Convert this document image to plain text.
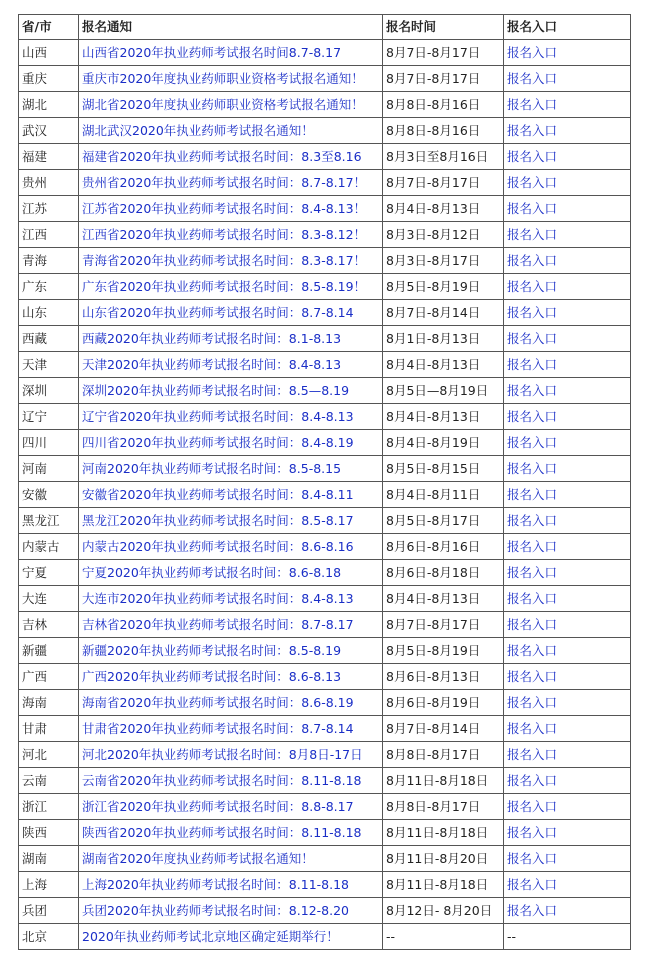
省/市	报名通知	报名时间	报名入口
山西	山西省2020年执业药师考试报名时间8.7-8.17	8月7日-8月17日	报名入口
重庆	重庆市2020年度执业药师职业资格考试报名通知！	8月7日-8月17日	报名入口
湖北	湖北省2020年度执业药师职业资格考试报名通知！	8月8日-8月16日	报名入口
武汉	湖北武汉2020年执业药师考试报名通知！	8月8日-8月16日	报名入口
福建	福建省2020年执业药师考试报名时间：8.3至8.16	8月3日至8月16日	报名入口
贵州	贵州省2020年执业药师考试报名时间：8.7-8.17！	8月7日-8月17日	报名入口
江苏	江苏省2020年执业药师考试报名时间：8.4-8.13！	8月4日-8月13日	报名入口
江西	江西省2020年执业药师考试报名时间：8.3-8.12！	8月3日-8月12日	报名入口
青海	青海省2020年执业药师考试报名时间：8.3-8.17！	8月3日-8月17日	报名入口
广东	广东省2020年执业药师考试报名时间：8.5-8.19！	8月5日-8月19日	报名入口
山东	山东省2020年执业药师考试报名时间：8.7-8.14	8月7日-8月14日	报名入口
西藏	西藏2020年执业药师考试报名时间：8.1-8.13	8月1日-8月13日	报名入口
天津	天津2020年执业药师考试报名时间：8.4-8.13	8月4日-8月13日	报名入口
深圳	深圳2020年执业药师考试报名时间：8.5—8.19	8月5日—8月19日	报名入口
辽宁	辽宁省2020年执业药师考试报名时间：8.4-8.13	8月4日-8月13日	报名入口
四川	四川省2020年执业药师考试报名时间：8.4-8.19	8月4日-8月19日	报名入口
河南	河南2020年执业药师考试报名时间：8.5-8.15	8月5日-8月15日	报名入口
安徽	安徽省2020年执业药师考试报名时间：8.4-8.11	8月4日-8月11日	报名入口
黑龙江	黑龙江2020年执业药师考试报名时间：8.5-8.17	8月5日-8月17日	报名入口
内蒙古	内蒙古2020年执业药师考试报名时间：8.6-8.16	8月6日-8月16日	报名入口
宁夏	宁夏2020年执业药师考试报名时间：8.6-8.18	8月6日-8月18日	报名入口
大连	大连市2020年执业药师考试报名时间：8.4-8.13	8月4日-8月13日	报名入口
吉林	吉林省2020年执业药师考试报名时间：8.7-8.17	8月7日-8月17日	报名入口
新疆	新疆2020年执业药师考试报名时间：8.5-8.19	8月5日-8月19日	报名入口
广西	广西2020年执业药师考试报名时间：8.6-8.13	8月6日-8月13日	报名入口
海南	海南省2020年执业药师考试报名时间：8.6-8.19	8月6日-8月19日	报名入口
甘肃	甘肃省2020年执业药师考试报名时间：8.7-8.14	8月7日-8月14日	报名入口
河北	河北2020年执业药师考试报名时间：8月8日-17日	8月8日-8月17日	报名入口
云南	云南省2020年执业药师考试报名时间：8.11-8.18	8月11日-8月18日	报名入口
浙江	浙江省2020年执业药师考试报名时间：8.8-8.17	8月8日-8月17日	报名入口
陕西	陕西省2020年执业药师考试报名时间：8.11-8.18	8月11日-8月18日	报名入口
湖南	湖南省2020年度执业药师考试报名通知！	8月11日-8月20日	报名入口
上海	上海2020年执业药师考试报名时间：8.11-8.18	8月11日-8月18日	报名入口
兵团	兵团2020年执业药师考试报名时间：8.12-8.20	8月12日- 8月20日	报名入口
北京	2020年执业药师考试北京地区确定延期举行！	--	--
